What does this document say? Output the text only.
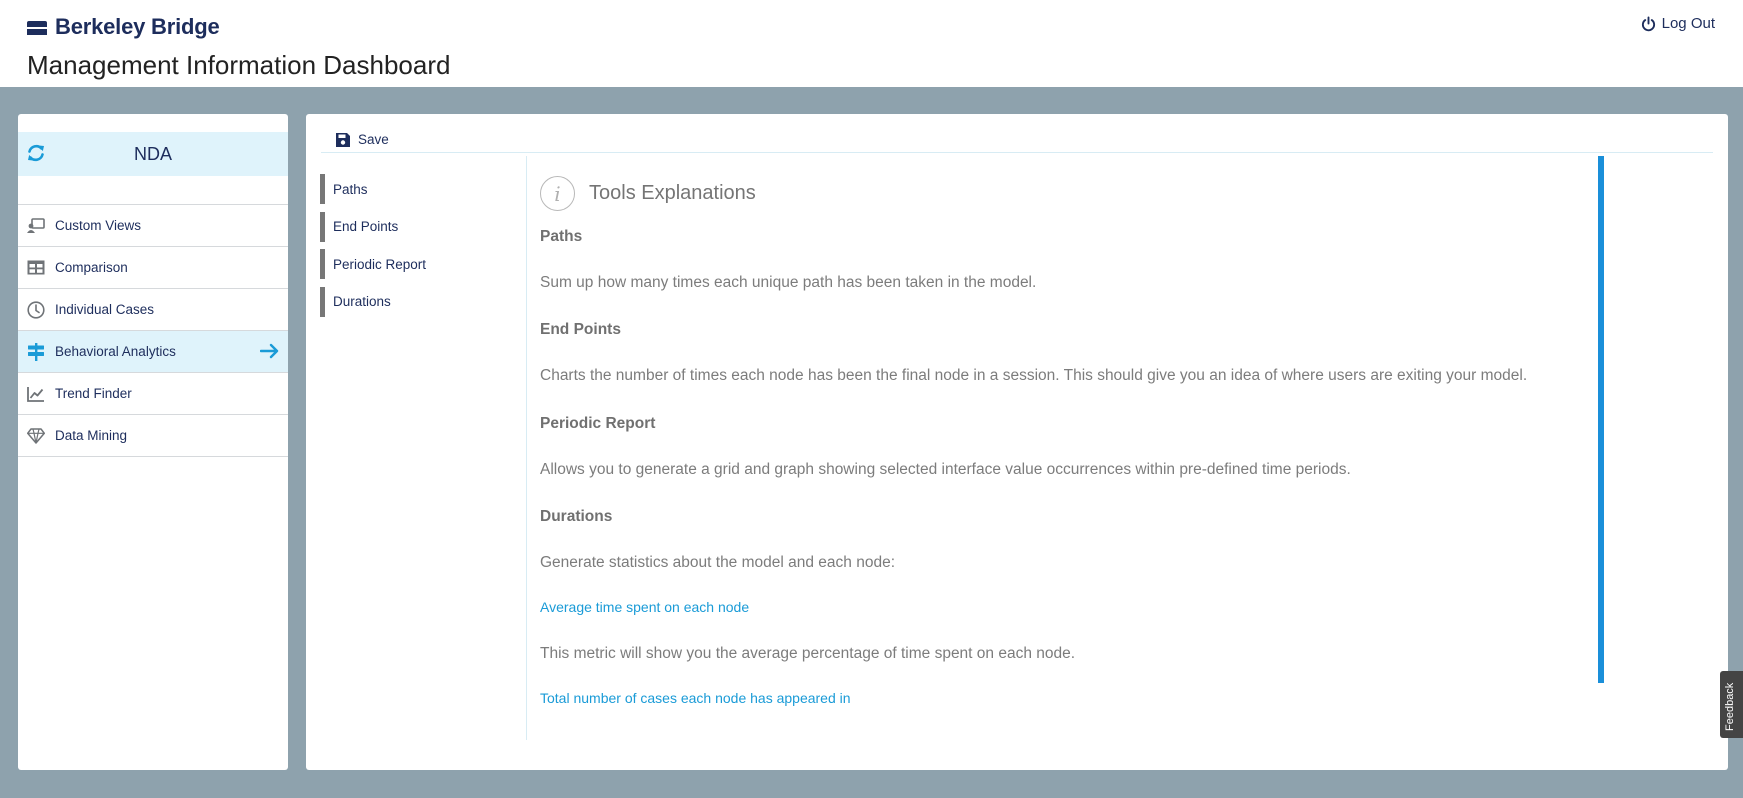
Berkeley Bridge
Management Information Dashboard
Log Out
NDA
Custom Views
Comparison
Individual Cases
Behavioral Analytics
Trend Finder
Data Mining
Save
Paths
End Points
Periodic Report
Durations
i	Tools Explanations
Paths
Sum up how many times each unique path has been taken in the model.
End Points
Charts the number of times each node has been the final node in a session. This should give you an idea of where users are exiting your model.
Periodic Report
Allows you to generate a grid and graph showing selected interface value occurrences within pre-defined time periods.
Durations
Generate statistics about the model and each node:
Average time spent on each node
This metric will show you the average percentage of time spent on each node.
Total number of cases each node has appeared in	Feedback
